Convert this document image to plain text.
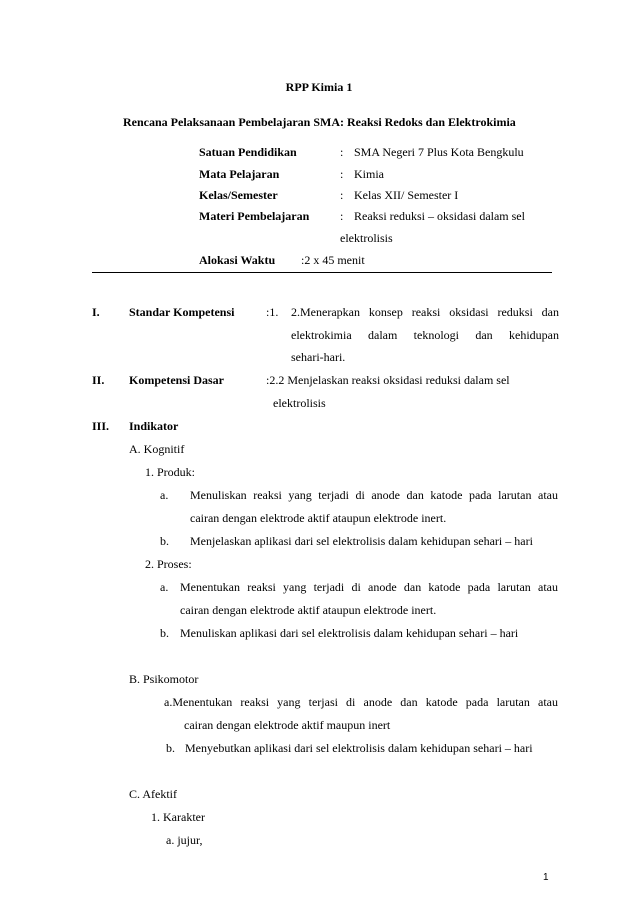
RPP Kimia 1
Rencana Pelaksanaan Pembelajaran SMA: Reaksi Redoks dan Elektrokimia
Satuan Pendidikan	: SMA Negeri 7 Plus Kota Bengkulu
Mata Pelajaran	: Kimia
Kelas/Semester	: Kelas XII/ Semester I
Materi Pembelajaran	: Reaksi reduksi – oksidasi dalam sel
elektrolisis
Alokasi Waktu :2 x 45 menit
I. Standar Kompetensi	:1. 2.Menerapkan konsep reaksi oksidasi reduksi dan
elektrokimia dalam teknologi dan kehidupan
sehari-hari.
II. Kompetensi Dasar	:2.2 Menjelaskan reaksi oksidasi reduksi dalam sel
elektrolisis
III. Indikator
A. Kognitif
1. Produk:
a. Menuliskan reaksi yang terjadi di anode dan katode pada larutan atau
cairan dengan elektrode aktif ataupun elektrode inert.
b. Menjelaskan aplikasi dari sel elektrolisis dalam kehidupan sehari – hari
2. Proses:
a. Menentukan reaksi yang terjadi di anode dan katode pada larutan atau
cairan dengan elektrode aktif ataupun elektrode inert.
b. Menuliskan aplikasi dari sel elektrolisis dalam kehidupan sehari – hari
B. Psikomotor
a.Menentukan reaksi yang terjasi di anode dan katode pada larutan atau
cairan dengan elektrode aktif maupun inert
b. Menyebutkan aplikasi dari sel elektrolisis dalam kehidupan sehari – hari
C. Afektif
1. Karakter
a. jujur,
1
